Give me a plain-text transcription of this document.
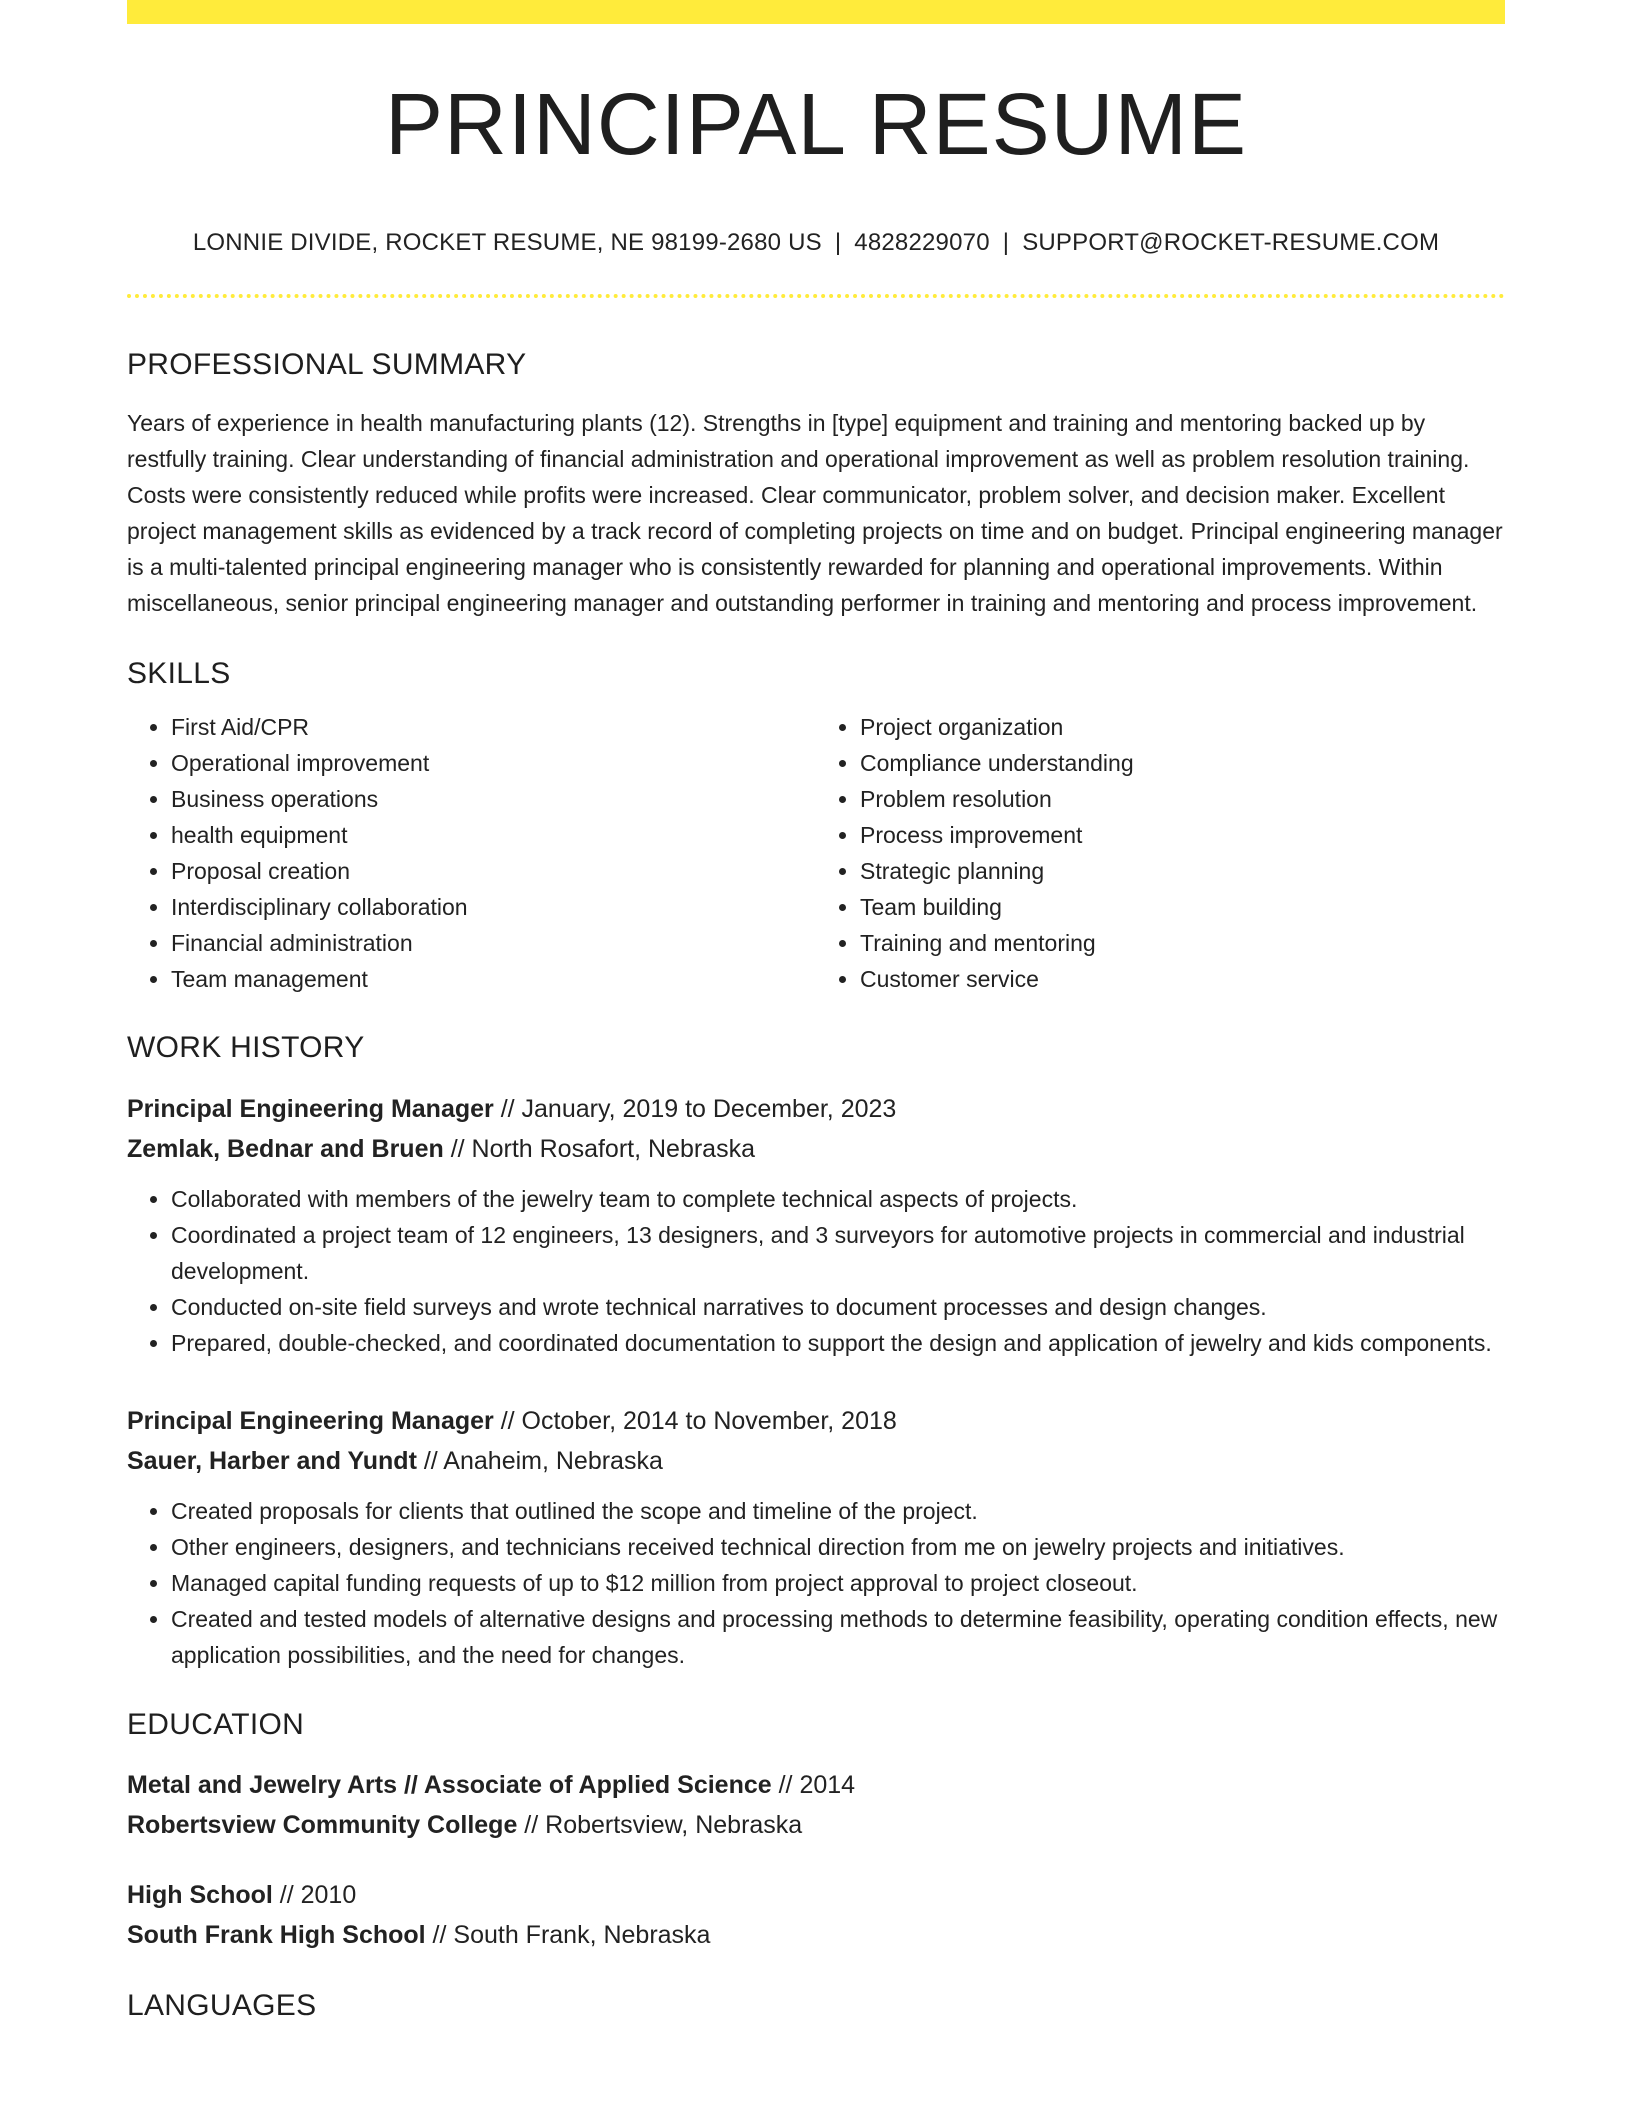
PRINCIPAL RESUME
LONNIE DIVIDE, ROCKET RESUME, NE 98199-2680 US | 4828229070 | SUPPORT@ROCKET-RESUME.COM
PROFESSIONAL SUMMARY

Years of experience in health manufacturing plants (12). Strengths in [type] equipment and training and mentoring backed up by restfully training. Clear understanding of financial administration and operational improvement as well as problem resolution training. Costs were consistently reduced while profits were increased. Clear communicator, problem solver, and decision maker. Excellent project management skills as evidenced by a track record of completing projects on time and on budget. Principal engineering manager is a multi-talented principal engineering manager who is consistently rewarded for planning and operational improvements. Within miscellaneous, senior principal engineering manager and outstanding performer in training and mentoring and process improvement.

SKILLS
• First Aid/CPR
• Operational improvement
• Business operations
• health equipment
• Proposal creation
• Interdisciplinary collaboration
• Financial administration
• Team management
• Project organization
• Compliance understanding
• Problem resolution
• Process improvement
• Strategic planning
• Team building
• Training and mentoring
• Customer service
WORK HISTORY
Principal Engineering Manager // January, 2019 to December, 2023
Zemlak, Bednar and Bruen // North Rosafort, Nebraska
• Collaborated with members of the jewelry team to complete technical aspects of projects.
• Coordinated a project team of 12 engineers, 13 designers, and 3 surveyors for automotive projects in commercial and industrial development.
• Conducted on-site field surveys and wrote technical narratives to document processes and design changes.
• Prepared, double-checked, and coordinated documentation to support the design and application of jewelry and kids components.
Principal Engineering Manager // October, 2014 to November, 2018
Sauer, Harber and Yundt // Anaheim, Nebraska
• Created proposals for clients that outlined the scope and timeline of the project.
• Other engineers, designers, and technicians received technical direction from me on jewelry projects and initiatives.
• Managed capital funding requests of up to $12 million from project approval to project closeout.
• Created and tested models of alternative designs and processing methods to determine feasibility, operating condition effects, new application possibilities, and the need for changes.
EDUCATION
Metal and Jewelry Arts // Associate of Applied Science // 2014
Robertsview Community College // Robertsview, Nebraska
High School // 2010
South Frank High School // South Frank, Nebraska
LANGUAGES
